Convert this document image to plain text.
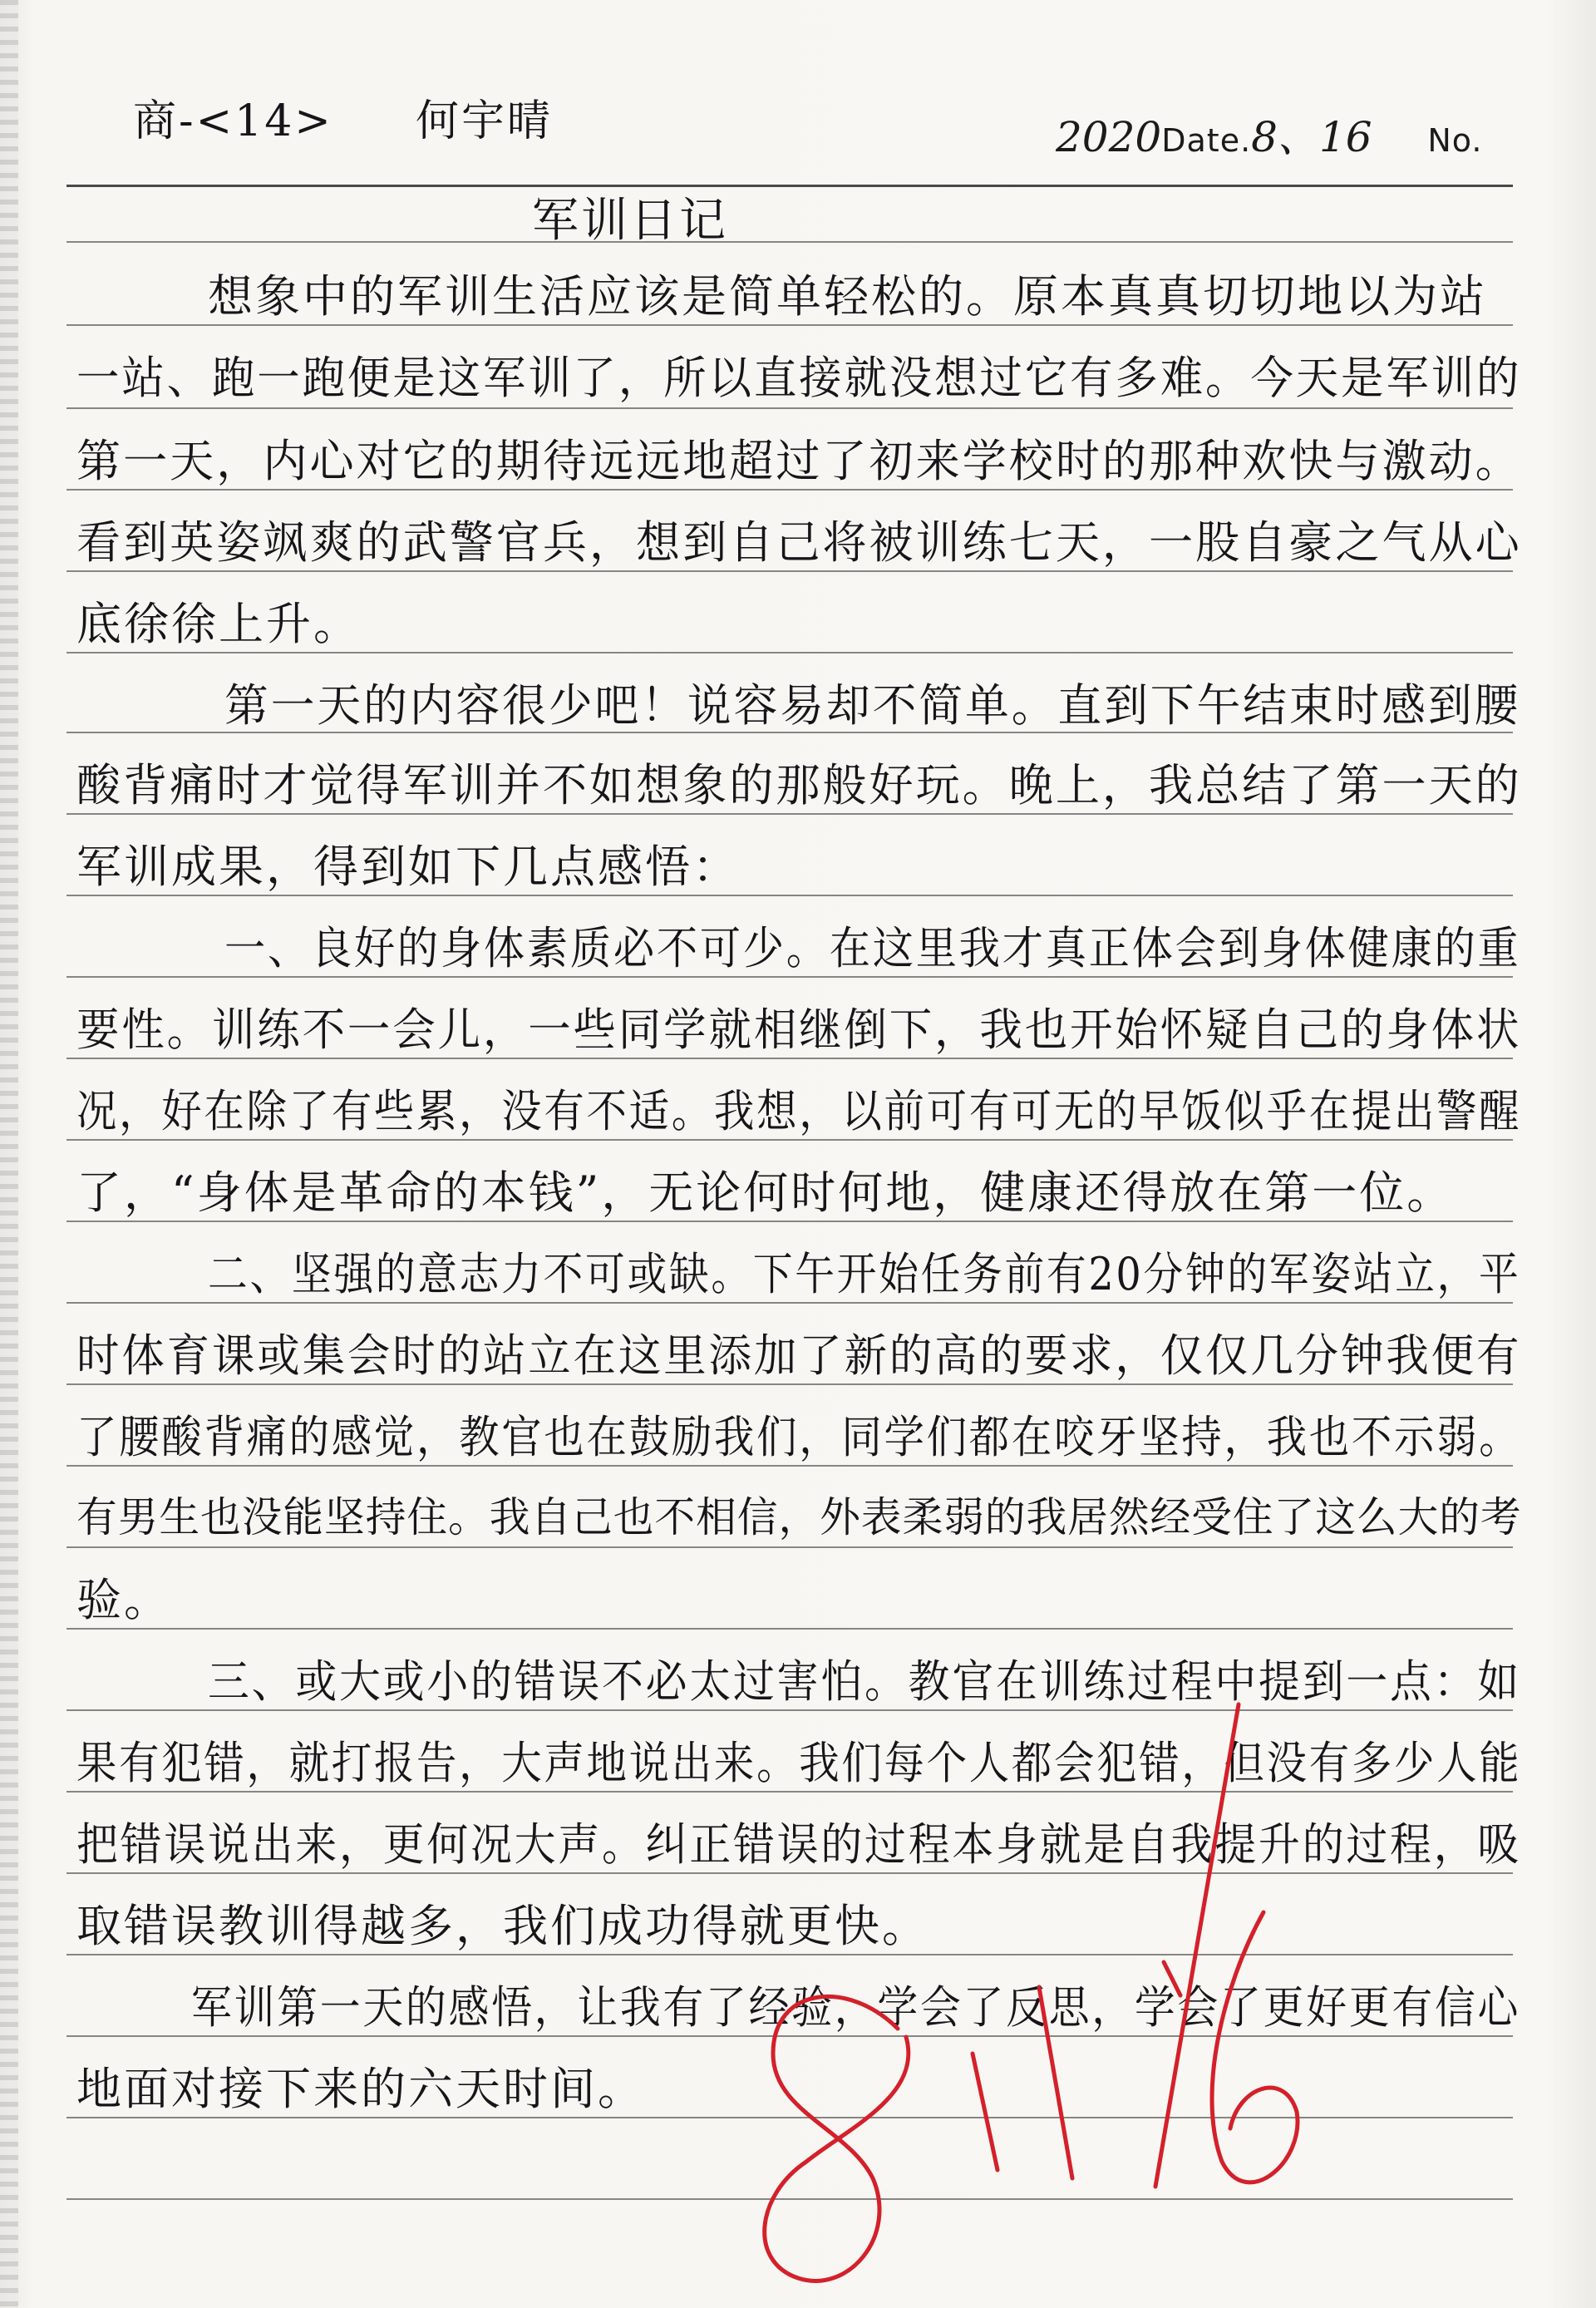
商-<14> 何宇晴	2020Date.8、16 No.
军训日记
想象中的军训生活应该是简单轻松的。原本真真切切地以为站
一站、跑一跑便是这军训了，所以直接就没想过它有多难。今天是军训的
第一天，内心对它的期待远远地超过了初来学校时的那种欢快与激动。
看到英姿飒爽的武警官兵，想到自己将被训练七天，一股自豪之气从心
底徐徐上升。
第一天的内容很少吧！说容易却不简单。直到下午结束时感到腰
酸背痛时才觉得军训并不如想象的那般好玩。晚上，我总结了第一天的
军训成果，得到如下几点感悟：
一、良好的身体素质必不可少。在这里我才真正体会到身体健康的重
要性。训练不一会儿，一些同学就相继倒下，我也开始怀疑自己的身体状
况，好在除了有些累，没有不适。我想，以前可有可无的早饭似乎在提出警醒
了，“身体是革命的本钱”，无论何时何地，健康还得放在第一位。
二、坚强的意志力不可或缺。下午开始任务前有20分钟的军姿站立，平
时体育课或集会时的站立在这里添加了新的高的要求，仅仅几分钟我便有
了腰酸背痛的感觉，教官也在鼓励我们，同学们都在咬牙坚持，我也不示弱。
有男生也没能坚持住。我自己也不相信，外表柔弱的我居然经受住了这么大的考
验。
三、或大或小的错误不必太过害怕。教官在训练过程中提到一点：如
果有犯错，就打报告，大声地说出来。我们每个人都会犯错，但没有多少人能
把错误说出来，更何况大声。纠正错误的过程本身就是自我提升的过程，吸
取错误教训得越多，我们成功得就更快。
军训第一天的感悟，让我有了经验，学会了反思，学会了更好更有信心
地面对接下来的六天时间。
